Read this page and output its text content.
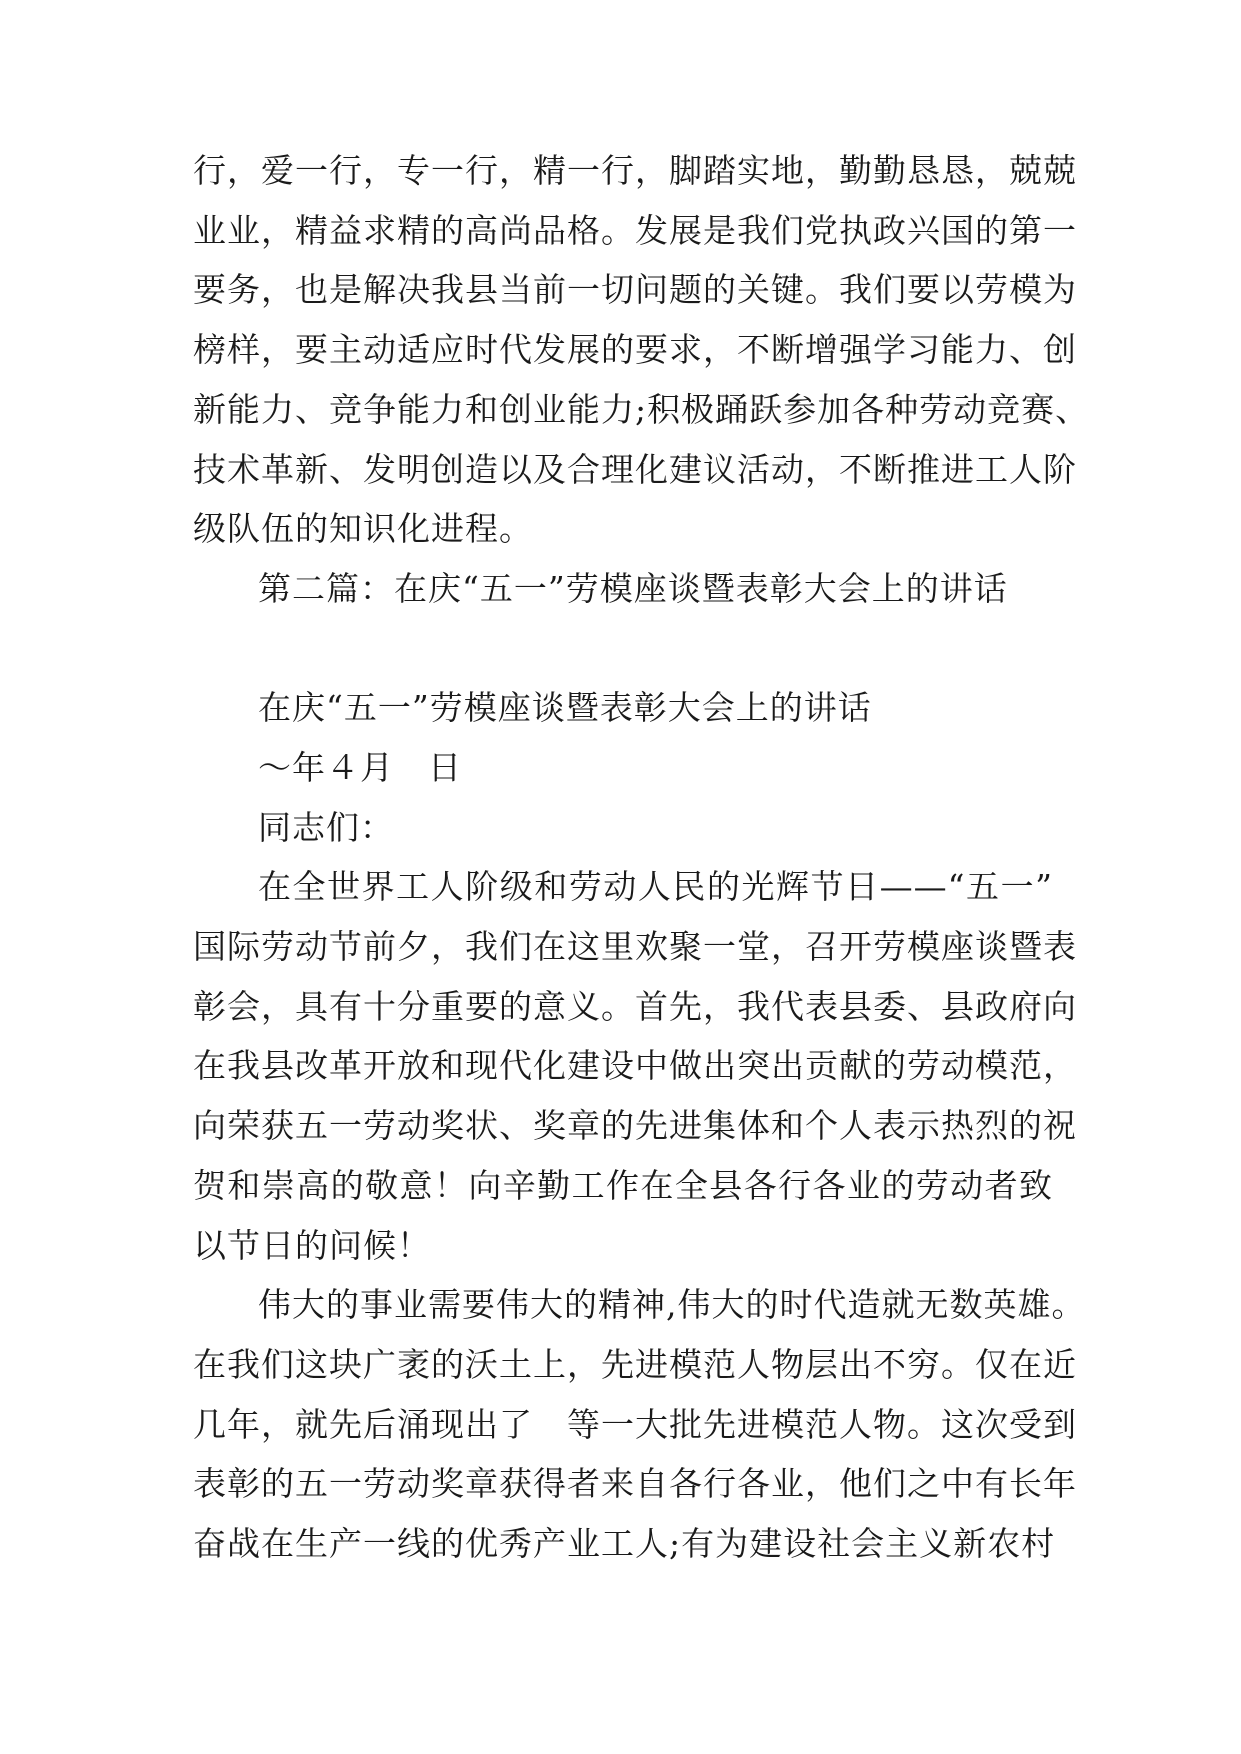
行，爱一行，专一行，精一行，脚踏实地，勤勤恳恳，兢兢

业业，精益求精的高尚品格。发展是我们党执政兴国的第一

要务，也是解决我县当前一切问题的关键。我们要以劳模为

榜样，要主动适应时代发展的要求，不断增强学习能力、创

新能力、竞争能力和创业能力;积极踊跃参加各种劳动竞赛、

技术革新、发明创造以及合理化建议活动，不断推进工人阶

级队伍的知识化进程。

第二篇：在庆“五一”劳模座谈暨表彰大会上的讲话

在庆“五一”劳模座谈暨表彰大会上的讲话

～年４月　日

同志们：

在全世界工人阶级和劳动人民的光辉节日——“五一”

国际劳动节前夕，我们在这里欢聚一堂，召开劳模座谈暨表

彰会，具有十分重要的意义。首先，我代表县委、县政府向

在我县改革开放和现代化建设中做出突出贡献的劳动模范，

向荣获五一劳动奖状、奖章的先进集体和个人表示热烈的祝

贺和崇高的敬意！向辛勤工作在全县各行各业的劳动者致

以节日的问候！

伟大的事业需要伟大的精神,伟大的时代造就无数英雄。

在我们这块广袤的沃土上，先进模范人物层出不穷。仅在近

几年，就先后涌现出了　等一大批先进模范人物。这次受到

表彰的五一劳动奖章获得者来自各行各业，他们之中有长年

奋战在生产一线的优秀产业工人;有为建设社会主义新农村
